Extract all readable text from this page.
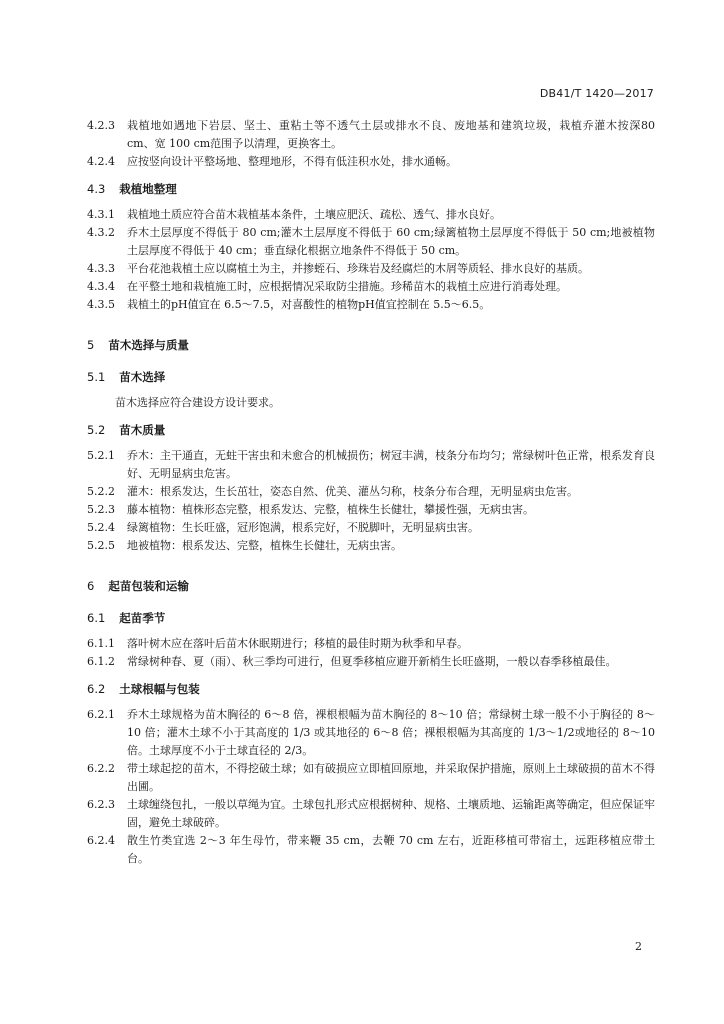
DB41/T 1420—2017
4.2.3 栽植地如遇地下岩层、坚土、重粘土等不透气土层或排水不良、废地基和建筑垃圾，栽植乔灌木按深80 cm、宽 100 cm范围予以清理，更换客土。
4.2.4 应按竖向设计平整场地、整理地形，不得有低洼积水处，排水通畅。
4.3 栽植地整理
4.3.1 栽植地土质应符合苗木栽植基本条件，土壤应肥沃、疏松、透气、排水良好。
4.3.2 乔木土层厚度不得低于 80 cm;灌木土层厚度不得低于 60 cm;绿篱植物土层厚度不得低于 50 cm;地被植物土层厚度不得低于 40 cm；垂直绿化根据立地条件不得低于 50 cm。
4.3.3 平台花池栽植土应以腐植土为主，并掺蛭石、珍珠岩及经腐烂的木屑等质轻、排水良好的基质。
4.3.4 在平整土地和栽植施工时，应根据情况采取防尘措施。珍稀苗木的栽植土应进行消毒处理。
4.3.5 栽植土的pH值宜在 6.5～7.5，对喜酸性的植物pH值宜控制在 5.5～6.5。
5 苗木选择与质量
5.1 苗木选择

苗木选择应符合建设方设计要求。

5.2 苗木质量
5.2.1 乔木：主干通直，无蛀干害虫和未愈合的机械损伤；树冠丰满，枝条分布均匀；常绿树叶色正常，根系发育良好、无明显病虫危害。
5.2.2 灌木：根系发达，生长茁壮，姿态自然、优美、灌丛匀称，枝条分布合理，无明显病虫危害。
5.2.3 藤本植物：植株形态完整，根系发达、完整，植株生长健壮，攀援性强，无病虫害。
5.2.4 绿篱植物：生长旺盛，冠形饱满，根系完好，不脱脚叶，无明显病虫害。
5.2.5 地被植物：根系发达、完整，植株生长健壮，无病虫害。
6 起苗包装和运输
6.1 起苗季节
6.1.1 落叶树木应在落叶后苗木休眠期进行；移植的最佳时期为秋季和早春。
6.1.2 常绿树种春、夏（雨）、秋三季均可进行，但夏季移植应避开新梢生长旺盛期，一般以春季移植最佳。
6.2 土球根幅与包装
6.2.1 乔木土球规格为苗木胸径的 6～8 倍，裸根根幅为苗木胸径的 8～10 倍；常绿树土球一般不小于胸径的 8～10 倍；灌木土球不小于其高度的 1/3 或其地径的 6～8 倍；裸根根幅为其高度的 1/3～1/2或地径的 8～10 倍。土球厚度不小于土球直径的 2/3。
6.2.2 带土球起挖的苗木，不得挖破土球；如有破损应立即植回原地，并采取保护措施，原则上土球破损的苗木不得出圃。
6.2.3 土球缠绕包扎，一般以草绳为宜。土球包扎形式应根据树种、规格、土壤质地、运输距离等确定，但应保证牢固，避免土球破碎。
6.2.4 散生竹类宜选 2～3 年生母竹，带来鞭 35 cm，去鞭 70 cm 左右，近距移植可带宿土，远距移植应带土台。
2
